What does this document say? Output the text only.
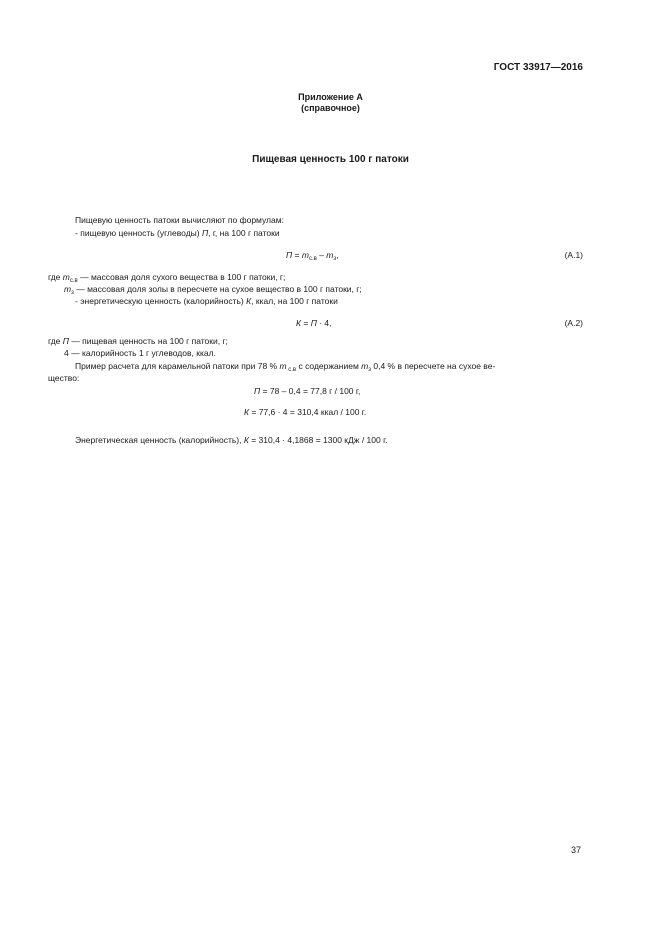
ГОСТ 33917—2016
Приложение А
(справочное)
Пищевая ценность 100 г патоки
Пищевую ценность патоки вычисляют по формулам:
- пищевую ценность (углеводы) П, г, на 100 г патоки
$П = m_{с.в} - m_з$,	(А.1)
где $m_{с.в}$ — массовая доля сухого вещества в 100 г патоки, г;
$m_з$ — массовая доля золы в пересчете на сухое вещество в 100 г патоки, г;
- энергетическую ценность (калорийность) К, ккал, на 100 г патоки
К = П · 4,	(А.2)
где П — пищевая ценность на 100 г патоки, г;
4 — калорийность 1 г углеводов, ккал.
Пример расчета для карамельной патоки при 78 % m $_{с.в}$ с содержанием $m_з$ 0,4 % в пересчете на сухое ве-
щество:
П = 78 – 0,4 = 77,8 г / 100 г,
К = 77,6 · 4 = 310,4 ккал / 100 г.
Энергетическая ценность (калорийность), К = 310,4 · 4,1868 = 1300 кДж / 100 г.
37
